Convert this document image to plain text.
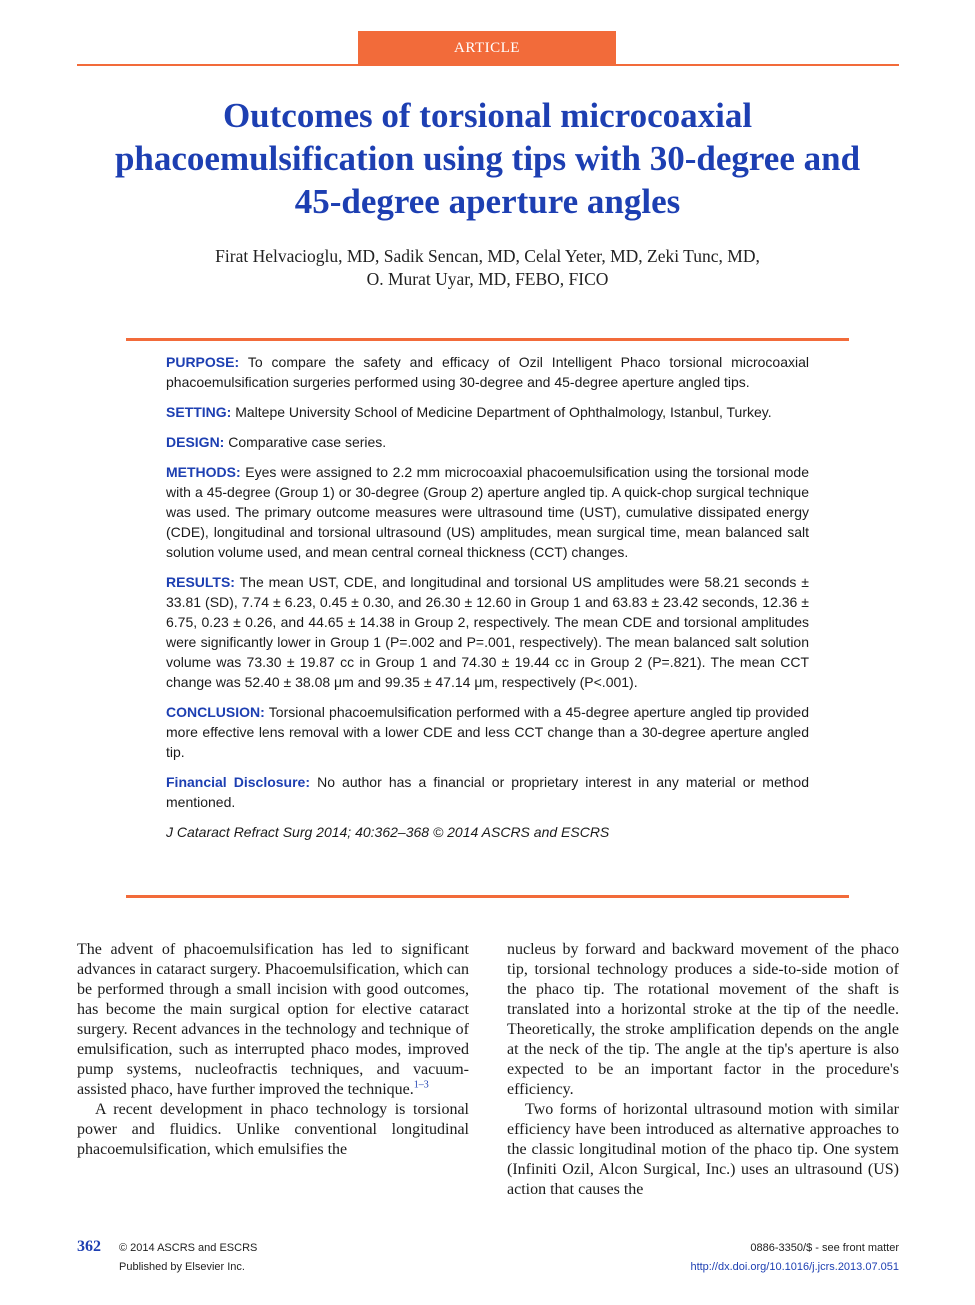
ARTICLE
Outcomes of torsional microcoaxial phacoemulsification using tips with 30-degree and 45-degree aperture angles
Firat Helvacioglu, MD, Sadik Sencan, MD, Celal Yeter, MD, Zeki Tunc, MD,
O. Murat Uyar, MD, FEBO, FICO

PURPOSE: To compare the safety and efficacy of Ozil Intelligent Phaco torsional microcoaxial phacoemulsification surgeries performed using 30-degree and 45-degree aperture angled tips.

SETTING: Maltepe University School of Medicine Department of Ophthalmology, Istanbul, Turkey.

DESIGN: Comparative case series.

METHODS: Eyes were assigned to 2.2 mm microcoaxial phacoemulsification using the torsional mode with a 45-degree (Group 1) or 30-degree (Group 2) aperture angled tip. A quick-chop surgical technique was used. The primary outcome measures were ultrasound time (UST), cumulative dissipated energy (CDE), longitudinal and torsional ultrasound (US) amplitudes, mean surgical time, mean balanced salt solution volume used, and mean central corneal thickness (CCT) changes.

RESULTS: The mean UST, CDE, and longitudinal and torsional US amplitudes were 58.21 seconds ± 33.81 (SD), 7.74 ± 6.23, 0.45 ± 0.30, and 26.30 ± 12.60 in Group 1 and 63.83 ± 23.42 seconds, 12.36 ± 6.75, 0.23 ± 0.26, and 44.65 ± 14.38 in Group 2, respectively. The mean CDE and torsional amplitudes were significantly lower in Group 1 (P=.002 and P=.001, respectively). The mean balanced salt solution volume was 73.30 ± 19.87 cc in Group 1 and 74.30 ± 19.44 cc in Group 2 (P=.821). The mean CCT change was 52.40 ± 38.08 μm and 99.35 ± 47.14 μm, respectively (P<.001).

CONCLUSION: Torsional phacoemulsification performed with a 45-degree aperture angled tip provided more effective lens removal with a lower CDE and less CCT change than a 30-degree aperture angled tip.

Financial Disclosure: No author has a financial or proprietary interest in any material or method mentioned.

J Cataract Refract Surg 2014; 40:362–368 © 2014 ASCRS and ESCRS

The advent of phacoemulsification has led to significant advances in cataract surgery. Phacoemulsification, which can be performed through a small incision with good outcomes, has become the main surgical option for elective cataract surgery. Recent advances in the technology and technique of emulsification, such as interrupted phaco modes, improved pump systems, nucleofractis techniques, and vacuum-assisted phaco, have further improved the technique.$^{1-3}$

A recent development in phaco technology is torsional power and fluidics. Unlike conventional longitudinal phacoemulsification, which emulsifies the

nucleus by forward and backward movement of the phaco tip, torsional technology produces a side-to-side motion of the phaco tip. The rotational movement of the shaft is translated into a horizontal stroke at the tip of the needle. Theoretically, the stroke amplification depends on the angle at the neck of the tip. The angle at the tip's aperture is also expected to be an important factor in the procedure's efficiency.

Two forms of horizontal ultrasound motion with similar efficiency have been introduced as alternative approaches to the classic longitudinal motion of the phaco tip. One system (Infiniti Ozil, Alcon Surgical, Inc.) uses an ultrasound (US) action that causes the

362 © 2014 ASCRS and ESCRS
Published by Elsevier Inc.
0886-3350/$ - see front matter
http://dx.doi.org/10.1016/j.jcrs.2013.07.051
